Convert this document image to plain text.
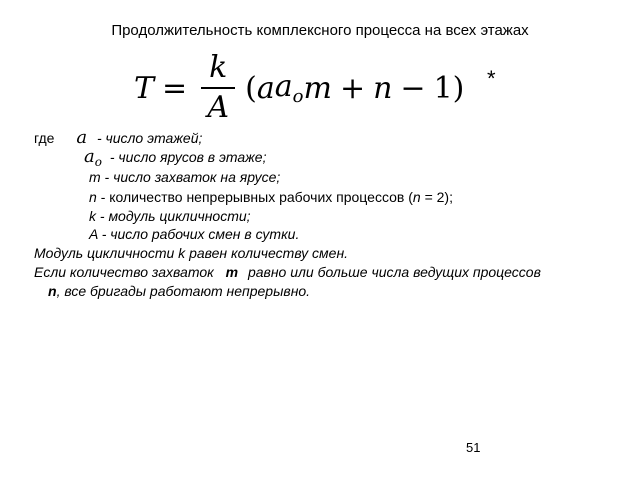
Продолжительность комплексного процесса на всех этажах
$T = \frac{k}{A}$ ( a $a_o$ m + n − 1 ) *
где a - число этажей;
$a_o$ - число ярусов в этаже;
m - число захваток на ярусе;
n - количество непрерывных рабочих процессов (n = 2);
k - модуль цикличности;
A - число рабочих смен в сутки.
Модуль цикличности k равен количеству смен.
Если количество захваток m равно или больше числа ведущих процессов
n, все бригады работают непрерывно.
51
